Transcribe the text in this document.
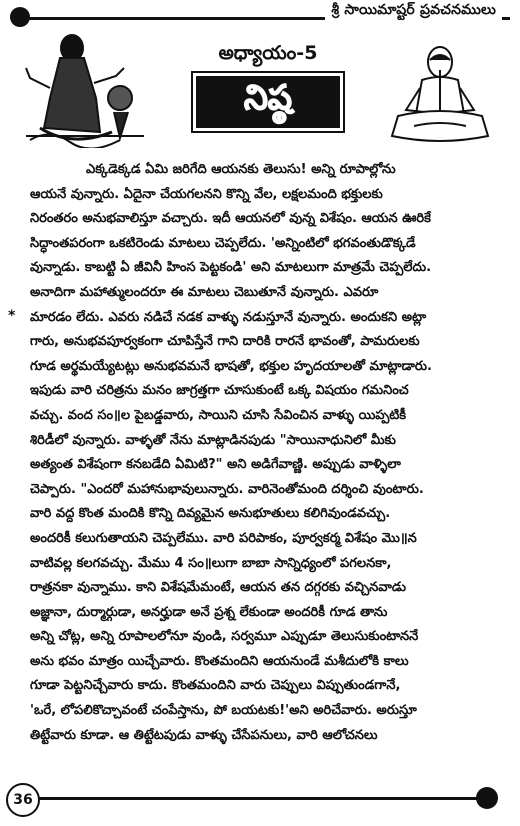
శ్రీ సాయిమాష్టర్ ప్రవచనములు
అధ్యాయం-5
నిష్ఠ
*
ఎక్కడెక్కడ ఏమి జరిగేది ఆయనకు తెలుసు! అన్ని రూపాల్లోను
ఆయనే వున్నారు. ఏదైనా చేయగలనని కొన్ని వేల, లక్షలమంది భక్తులకు
నిరంతరం అనుభవాలిస్తూ వచ్చారు. ఇదీ ఆయనలో వున్న విశేషం. ఆయన ఊరికే
సిద్ధాంతపరంగా ఒకటిరెండు మాటలు చెప్పలేదు. 'అన్నింటిలో భగవంతుడొక్కడే
వున్నాడు. కాబట్టి ఏ జీవినీ హింస పెట్టకండి' అని మాటలుగా మాత్రమే చెప్పలేదు.
అనాదిగా మహాత్ములందరూ ఈ మాటలు చెబుతూనే వున్నారు. ఎవరూ
మారడం లేదు. ఎవరు నడిచే నడక వాళ్ళు నడుస్తూనే వున్నారు. అందుకని అట్లా
గారు, అనుభవపూర్వకంగా చూపిస్తేనే గాని దారికి రారనే భావంతో, పామరులకు
గూడ అర్థమయ్యేటట్లు అనుభవమనే భాషతో, భక్తుల హృదయాలతో మాట్లాడారు.
ఇపుడు వారి చరిత్రను మనం జాగ్రత్తగా చూసుకుంటే ఒక్క విషయం గమనించ
వచ్చు. వంద సం॥ల పైబడ్డవారు, సాయిని చూసి సేవించిన వాళ్ళు యిప్పటికీ
శిరిడీలో వున్నారు. వాళ్ళతో నేను మాట్లాడినపుడు "సాయినాధునిలో మీకు
అత్యంత విశేషంగా కనబడేది ఏమిటి?" అని అడిగేవాణ్ణి. అప్పుడు వాళ్ళిలా
చెప్పారు. "ఎందరో మహానుభావులున్నారు. వారినెంతోమంది దర్శించి వుంటారు.
వారి వద్ద కొంత మందికి కొన్ని దివ్యమైన అనుభూతులు కలిగివుండవచ్చు.
అందరికీ కలుగుతాయని చెప్పలేము. వారి పరిపాకం, పూర్వకర్మ విశేషం మొ॥న
వాటివల్ల కలగవచ్చు. మేము 4 సం॥లుగా బాబా సాన్నిధ్యంలో పగలనకా,
రాత్రనకా వున్నాము. కాని విశేషమేమంటే, ఆయన తన దగ్గరకు వచ్చినవాడు
అజ్ఞానా, దుర్మార్గుడా, అనర్హుడా అనే ప్రశ్న లేకుండా అందరికీ గూడ తాను
అన్ని చోట్ల, అన్ని రూపాలలోనూ వుండి, సర్వమూ ఎప్పుడూ తెలుసుకుంటాననే
అను భవం మాత్రం యిచ్చేవారు. కొంతమందిని ఆయనుండే మశీదులోకి కాలు
గూడా పెట్టనిచ్చేవారు కాదు. కొంతమందిని వారు చెప్పులు విప్పుతుండగానే,
'ఒరే, లోపలికొచ్చావంటే చంపేస్తాను, పో బయటకు!'అని అరిచేవారు. అరుస్తూ
తిట్టేవారు కూడా. ఆ తిట్టేటపుడు వాళ్ళు చేసేపనులు, వారి ఆలోచనలు
36
